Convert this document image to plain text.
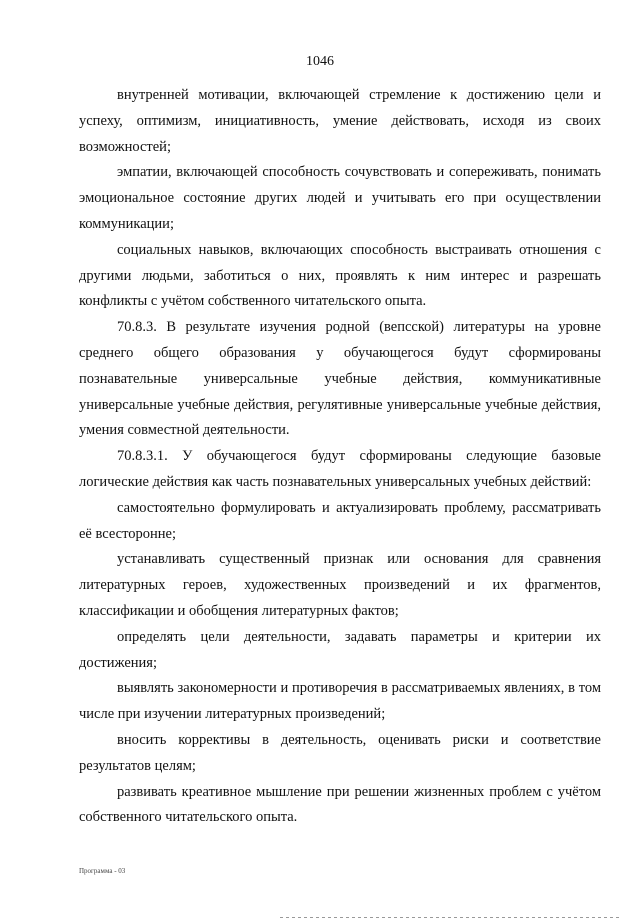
1046

внутренней мотивации, включающей стремление к достижению цели и успеху, оптимизм, инициативность, умение действовать, исходя из своих возможностей;

эмпатии, включающей способность сочувствовать и сопереживать, понимать эмоциональное состояние других людей и учитывать его при осуществлении коммуникации;

социальных навыков, включающих способность выстраивать отношения с другими людьми, заботиться о них, проявлять к ним интерес и разрешать конфликты с учётом собственного читательского опыта.

70.8.3. В результате изучения родной (вепсской) литературы на уровне среднего общего образования у обучающегося будут сформированы познавательные универсальные учебные действия, коммуникативные универсальные учебные действия, регулятивные универсальные учебные действия, умения совместной деятельности.

70.8.3.1. У обучающегося будут сформированы следующие базовые логические действия как часть познавательных универсальных учебных действий:

самостоятельно формулировать и актуализировать проблему, рассматривать её всесторонне;

устанавливать существенный признак или основания для сравнения литературных героев, художественных произведений и их фрагментов, классификации и обобщения литературных фактов;

определять цели деятельности, задавать параметры и критерии их достижения;

выявлять закономерности и противоречия в рассматриваемых явлениях, в том числе при изучении литературных произведений;

вносить коррективы в деятельность, оценивать риски и соответствие результатов целям;

развивать креативное мышление при решении жизненных проблем с учётом собственного читательского опыта.

Программа - 03
